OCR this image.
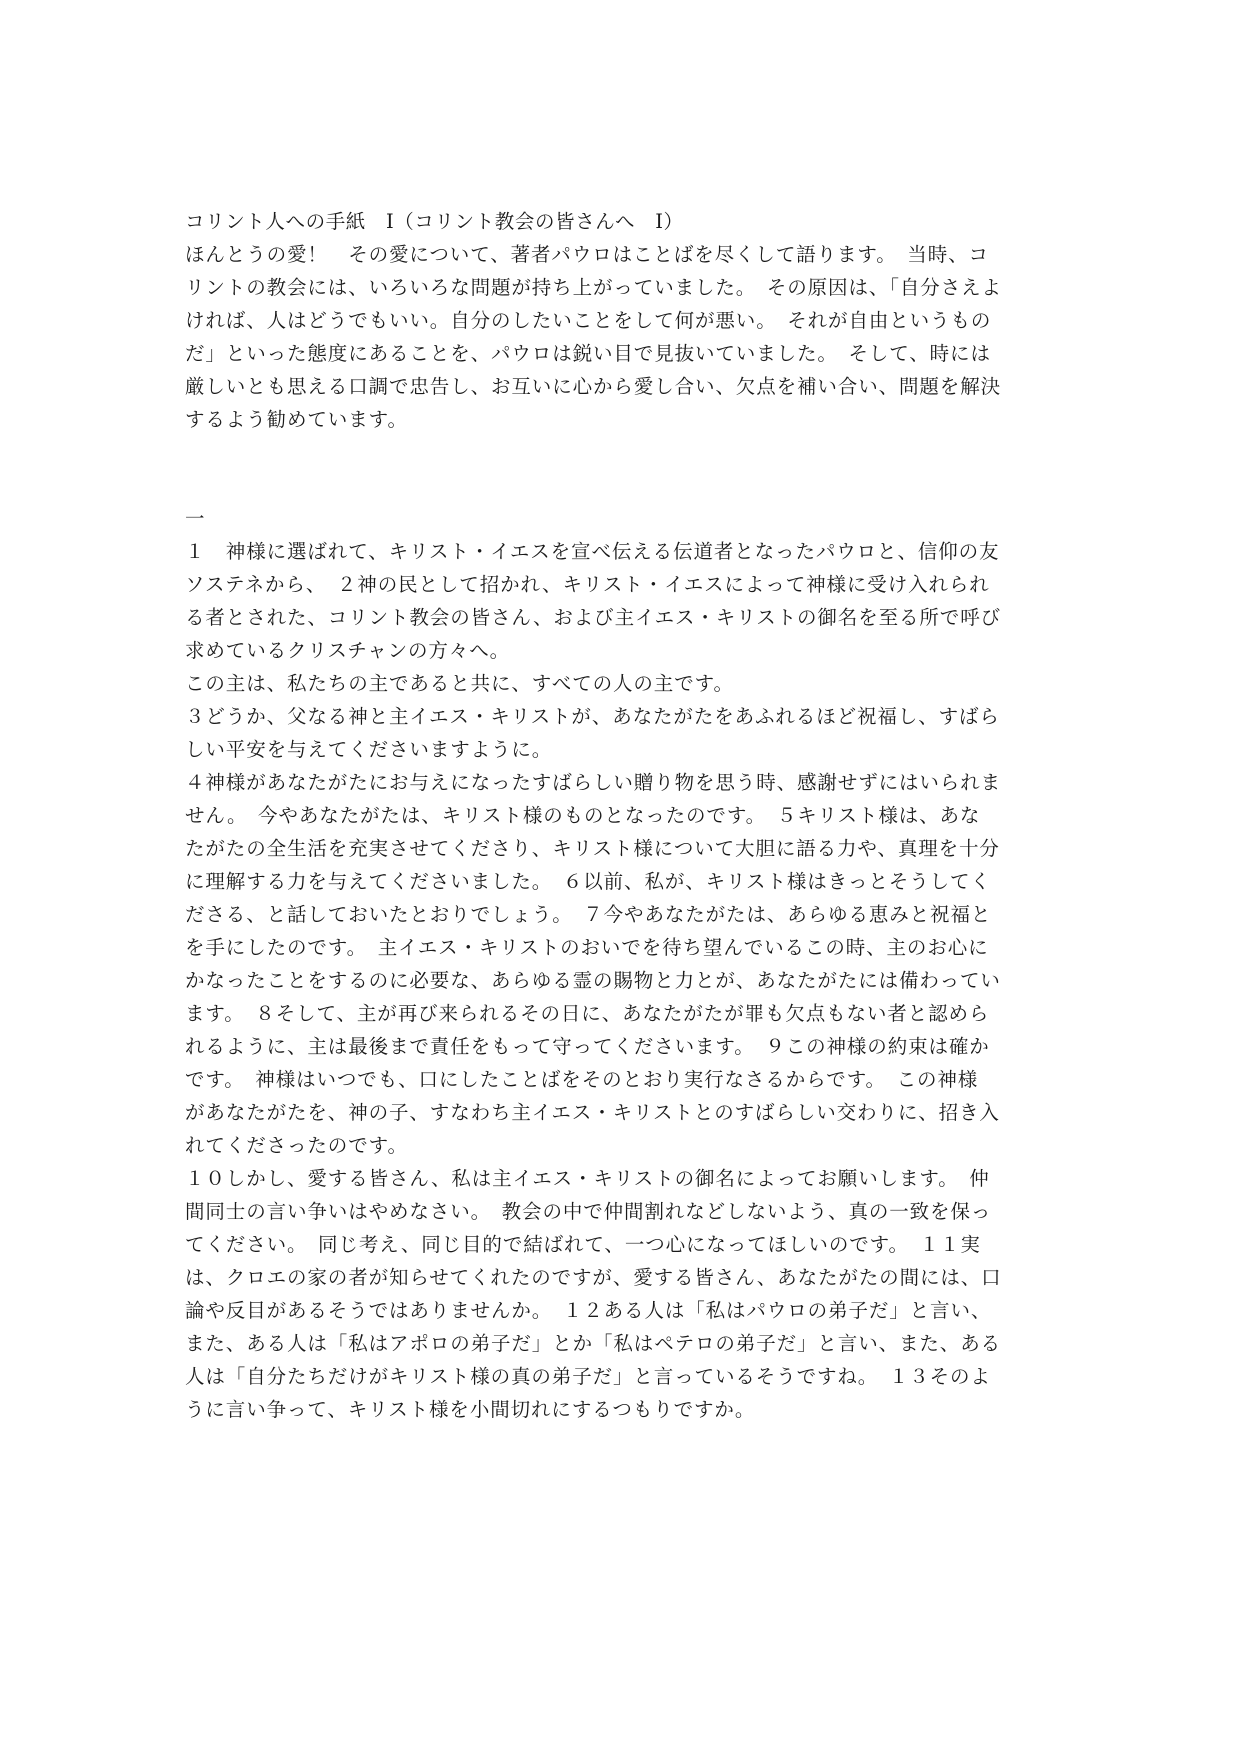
コリント人への手紙　Ⅰ（コリント教会の皆さんへ　Ⅰ）
ほんとうの愛！　その愛について、著者パウロはことばを尽くして語ります。　当時、コ
リントの教会には、いろいろな問題が持ち上がっていました。　その原因は、「自分さえよ
ければ、人はどうでもいい。自分のしたいことをして何が悪い。　それが自由というもの
だ」といった態度にあることを、パウロは鋭い目で見抜いていました。　そして、時には
厳しいとも思える口調で忠告し、お互いに心から愛し合い、欠点を補い合い、問題を解決
するよう勧めています。
一
１　神様に選ばれて、キリスト・イエスを宣べ伝える伝道者となったパウロと、信仰の友
ソステネから、　２神の民として招かれ、キリスト・イエスによって神様に受け入れられ
る者とされた、コリント教会の皆さん、および主イエス・キリストの御名を至る所で呼び
求めているクリスチャンの方々へ。
この主は、私たちの主であると共に、すべての人の主です。
３どうか、父なる神と主イエス・キリストが、あなたがたをあふれるほど祝福し、すばら
しい平安を与えてくださいますように。
４神様があなたがたにお与えになったすばらしい贈り物を思う時、感謝せずにはいられま
せん。　今やあなたがたは、キリスト様のものとなったのです。　５キリスト様は、あな
たがたの全生活を充実させてくださり、キリスト様について大胆に語る力や、真理を十分
に理解する力を与えてくださいました。　６以前、私が、キリスト様はきっとそうしてく
ださる、と話しておいたとおりでしょう。　７今やあなたがたは、あらゆる恵みと祝福と
を手にしたのです。　主イエス・キリストのおいでを待ち望んでいるこの時、主のお心に
かなったことをするのに必要な、あらゆる霊の賜物と力とが、あなたがたには備わってい
ます。　８そして、主が再び来られるその日に、あなたがたが罪も欠点もない者と認めら
れるように、主は最後まで責任をもって守ってくださいます。　９この神様の約束は確か
です。　神様はいつでも、口にしたことばをそのとおり実行なさるからです。　この神様
があなたがたを、神の子、すなわち主イエス・キリストとのすばらしい交わりに、招き入
れてくださったのです。
１０しかし、愛する皆さん、私は主イエス・キリストの御名によってお願いします。　仲
間同士の言い争いはやめなさい。　教会の中で仲間割れなどしないよう、真の一致を保っ
てください。　同じ考え、同じ目的で結ばれて、一つ心になってほしいのです。　１１実
は、クロエの家の者が知らせてくれたのですが、愛する皆さん、あなたがたの間には、口
論や反目があるそうではありませんか。　１２ある人は「私はパウロの弟子だ」と言い、
また、ある人は「私はアポロの弟子だ」とか「私はペテロの弟子だ」と言い、また、ある
人は「自分たちだけがキリスト様の真の弟子だ」と言っているそうですね。　１３そのよ
うに言い争って、キリスト様を小間切れにするつもりですか。
